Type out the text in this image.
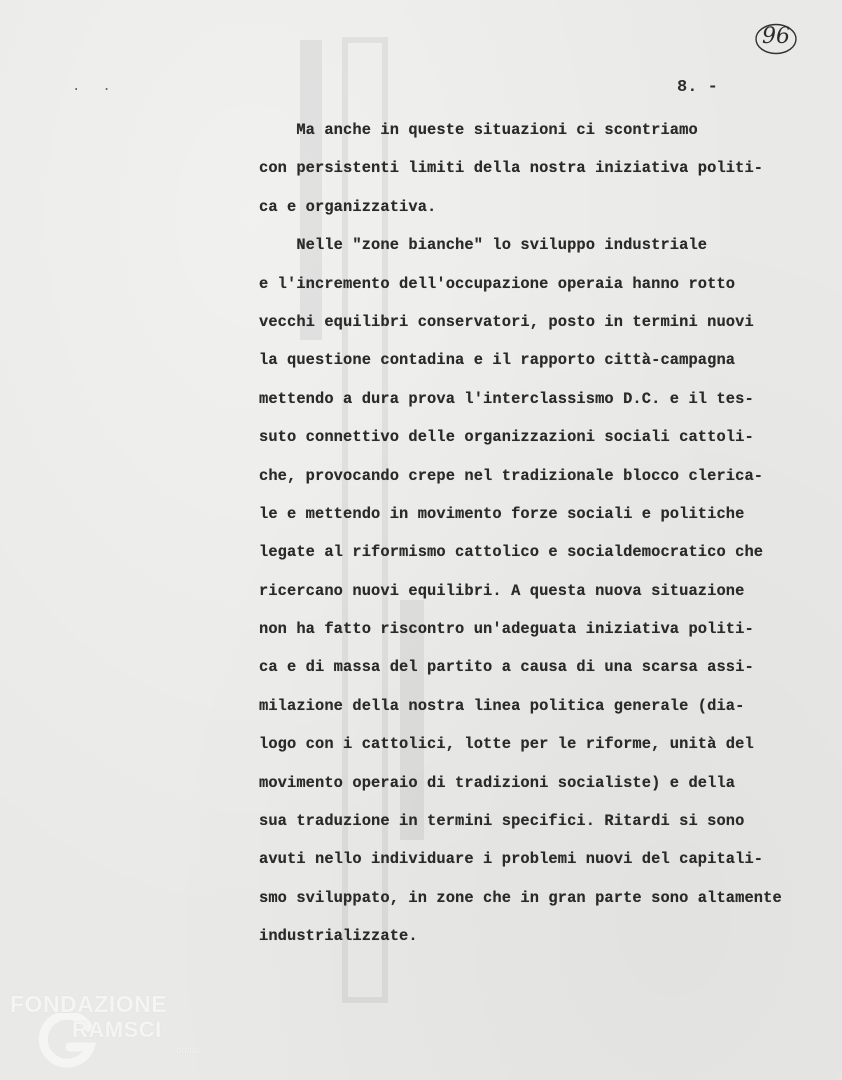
··
96
8. -
Ma anche in queste situazioni ci scontriamo
con persistenti limiti della nostra iniziativa politi-
ca e organizzativa.
Nelle "zone bianche" lo sviluppo industriale
e l'incremento dell'occupazione operaia hanno rotto
vecchi equilibri conservatori, posto in termini nuovi
la questione contadina e il rapporto città-campagna
mettendo a dura prova l'interclassismo D.C. e il tes-
suto connettivo delle organizzazioni sociali cattoli-
che, provocando crepe nel tradizionale blocco clerica-
le e mettendo in movimento forze sociali e politiche
legate al riformismo cattolico e socialdemocratico che
ricercano nuovi equilibri. A questa nuova situazione
non ha fatto riscontro un'adeguata iniziativa politi-
ca e di massa del partito a causa di una scarsa assi-
milazione della nostra linea politica generale (dia-
logo con i cattolici, lotte per le riforme, unità del
movimento operaio di tradizioni socialiste) e della
sua traduzione in termini specifici. Ritardi si sono
avuti nello individuare i problemi nuovi del capitali-
smo sviluppato, in zone che in gran parte sono altamente
industrializzate.
FONDAZIONE
RAMSCI
onlus
